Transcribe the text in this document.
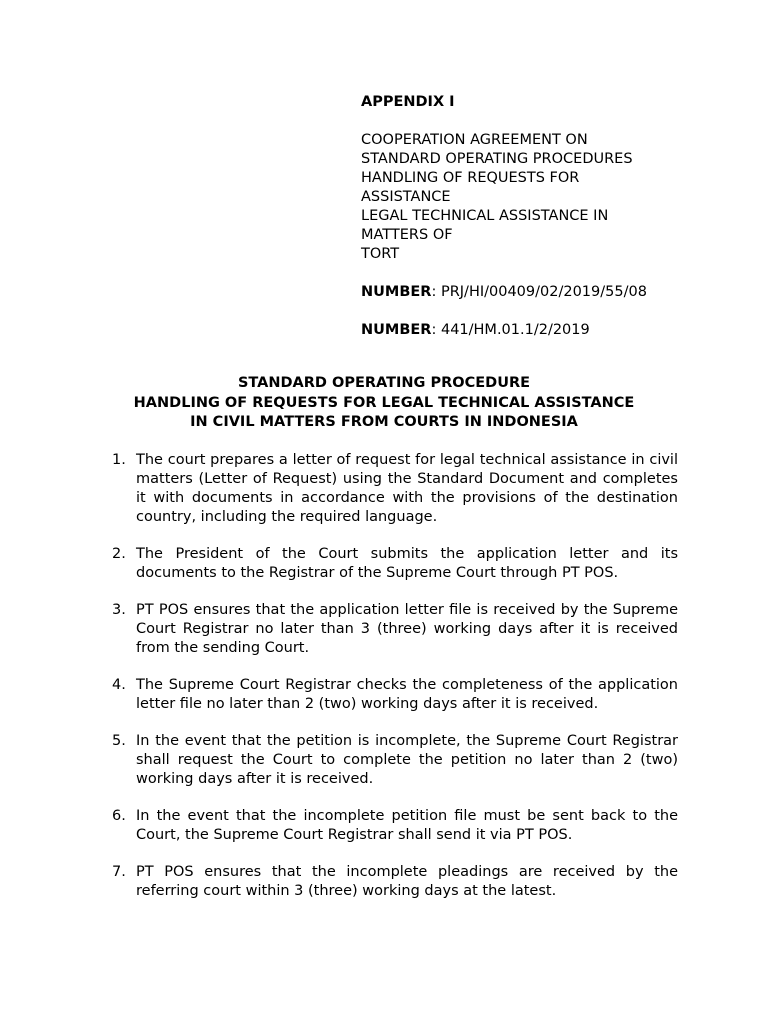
APPENDIX I
COOPERATION AGREEMENT ON
STANDARD OPERATING PROCEDURES
HANDLING OF REQUESTS FOR
ASSISTANCE
LEGAL TECHNICAL ASSISTANCE IN
MATTERS OF
TORT
NUMBER: PRJ/HI/00409/02/2019/55/08
NUMBER: 441/HM.01.1/2/2019
STANDARD OPERATING PROCEDURE
HANDLING OF REQUESTS FOR LEGAL TECHNICAL ASSISTANCE
IN CIVIL MATTERS FROM COURTS IN INDONESIA
1. The court prepares a letter of request for legal technical assistance in civil matters (Letter of Request) using the Standard Document and completes it with documents in accordance with the provisions of the destination country, including the required language.
2. The President of the Court submits the application letter and its documents to the Registrar of the Supreme Court through PT POS.
3. PT POS ensures that the application letter file is received by the Supreme Court Registrar no later than 3 (three) working days after it is received from the sending Court.
4. The Supreme Court Registrar checks the completeness of the application letter file no later than 2 (two) working days after it is received.
5. In the event that the petition is incomplete, the Supreme Court Registrar shall request the Court to complete the petition no later than 2 (two) working days after it is received.
6. In the event that the incomplete petition file must be sent back to the Court, the Supreme Court Registrar shall send it via PT POS.
7. PT POS ensures that the incomplete pleadings are received by the referring court within 3 (three) working days at the latest.
